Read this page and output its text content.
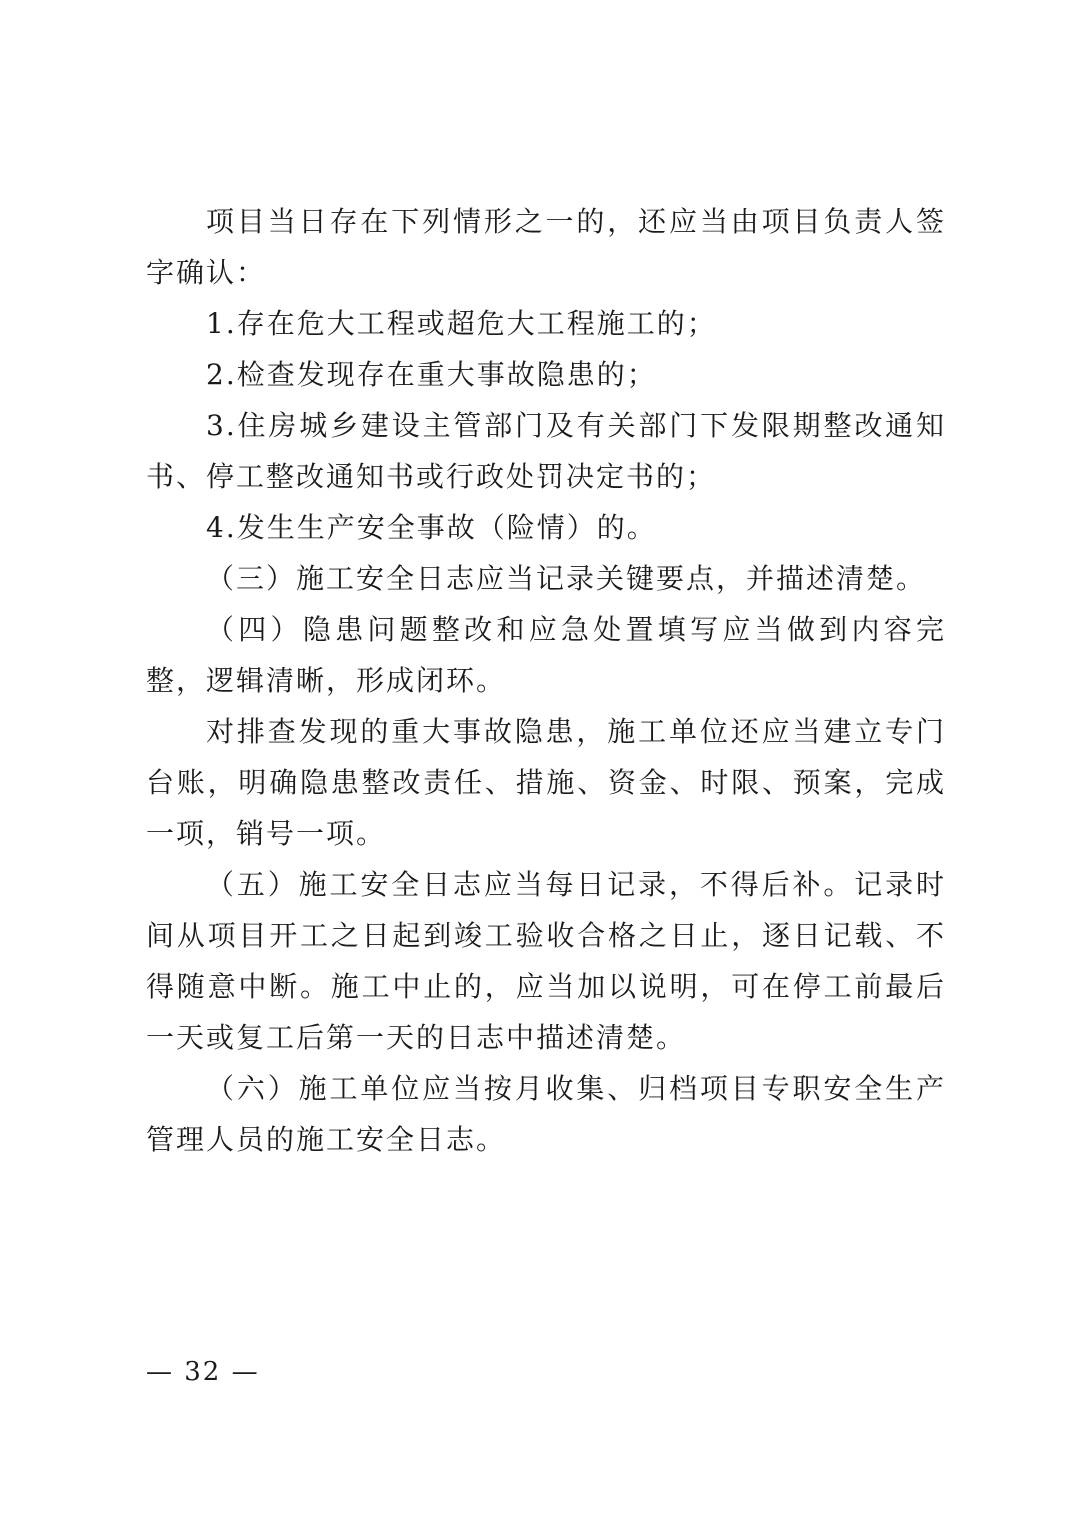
项目当日存在下列情形之一的，还应当由项目负责人签字确认：

1.存在危大工程或超危大工程施工的；

2.检查发现存在重大事故隐患的；

3.住房城乡建设主管部门及有关部门下发限期整改通知书、停工整改通知书或行政处罚决定书的；

4.发生生产安全事故（险情）的。

（三）施工安全日志应当记录关键要点，并描述清楚。

（四）隐患问题整改和应急处置填写应当做到内容完整，逻辑清晰，形成闭环。

对排查发现的重大事故隐患，施工单位还应当建立专门台账，明确隐患整改责任、措施、资金、时限、预案，完成一项，销号一项。

（五）施工安全日志应当每日记录，不得后补。记录时间从项目开工之日起到竣工验收合格之日止，逐日记载、不得随意中断。施工中止的，应当加以说明，可在停工前最后一天或复工后第一天的日志中描述清楚。

（六）施工单位应当按月收集、归档项目专职安全生产管理人员的施工安全日志。

— 32 —
